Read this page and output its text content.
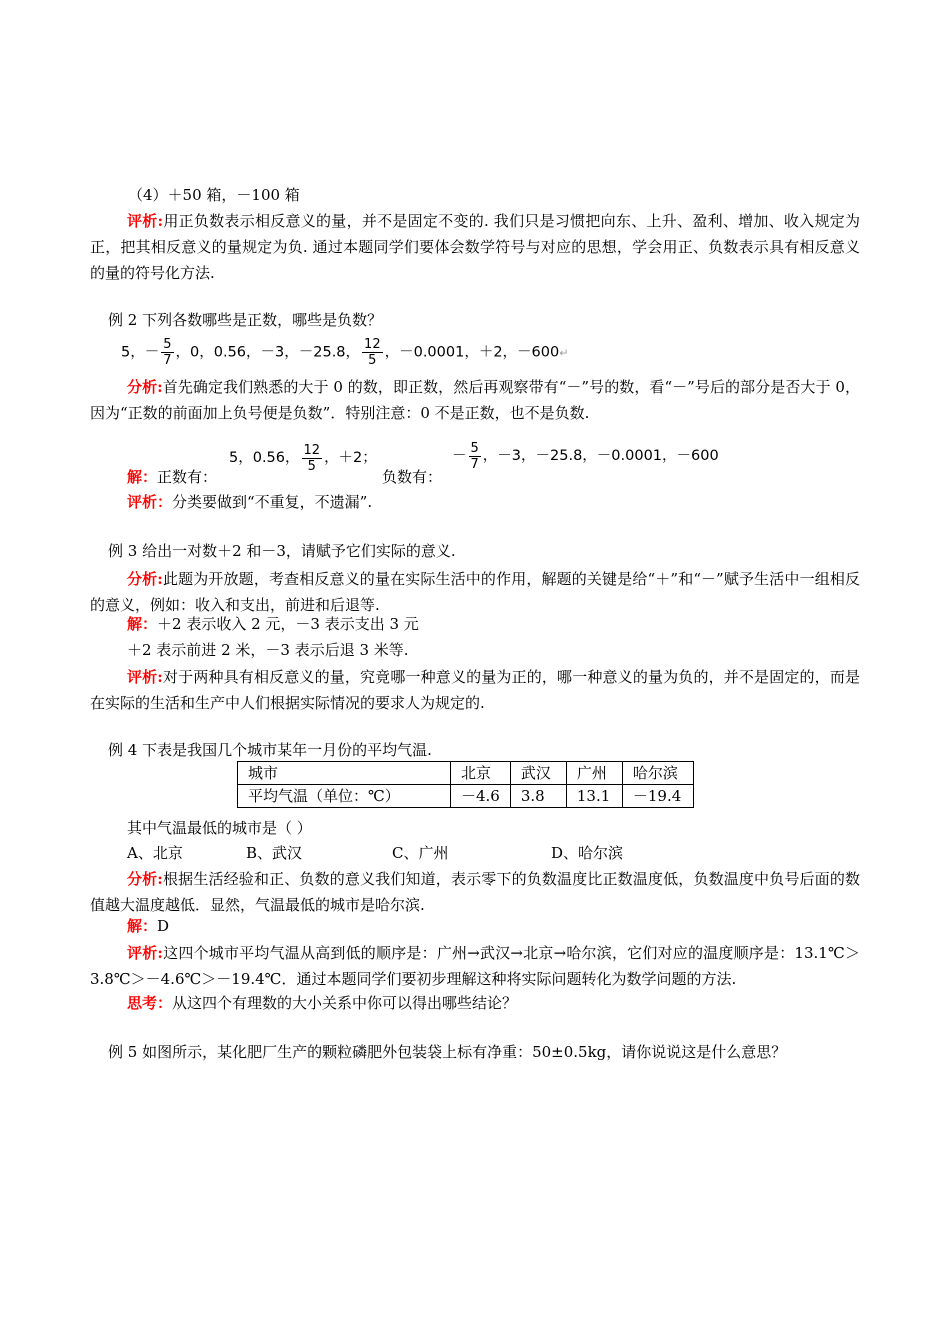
（4）＋50 箱，－100 箱
评析:用正负数表示相反意义的量，并不是固定不变的. 我们只是习惯把向东、上升、盈利、增加、收入规定为正，把其相反意义的量规定为负. 通过本题同学们要体会数学符号与对应的思想，学会用正、负数表示具有相反意义的量的符号化方法.
例 2 下列各数哪些是正数，哪些是负数？
5，－ $\frac{5}{7}$ ，0，0.56，－3，－25.8， $\frac{12}{5}$ ，－0.0001，＋2，－600↵
分析:首先确定我们熟悉的大于 0 的数，即正数，然后再观察带有“－”号的数，看“－”号后的部分是否大于 0，因为“正数的前面加上负号便是负数”．特别注意：0 不是正数，也不是负数.
解：正数有：
5，0.56， $\frac{12}{5}$ ，＋2；
负数有：
－ $\frac{5}{7}$ ，－3，－25.8，－0.0001，－600
评析：分类要做到“不重复，不遗漏”.
例 3 给出一对数＋2 和－3，请赋予它们实际的意义.
分析:此题为开放题，考查相反意义的量在实际生活中的作用，解题的关键是给“＋”和“－”赋予生活中一组相反的意义，例如：收入和支出，前进和后退等.
解：＋2 表示收入 2 元，－3 表示支出 3 元
＋2 表示前进 2 米，－3 表示后退 3 米等.
评析:对于两种具有相反意义的量，究竟哪一种意义的量为正的，哪一种意义的量为负的，并不是固定的，而是在实际的生活和生产中人们根据实际情况的要求人为规定的.
例 4 下表是我国几个城市某年一月份的平均气温.
城市	北京	武汉	广州	哈尔滨
平均气温（单位：℃）	－4.6	3.8	13.1	－19.4
其中气温最低的城市是（ ）
A、北京	B、武汉	C、广州	D、哈尔滨
分析:根据生活经验和正、负数的意义我们知道，表示零下的负数温度比正数温度低，负数温度中负号后面的数值越大温度越低．显然，气温最低的城市是哈尔滨.
解：D
评析:这四个城市平均气温从高到低的顺序是：广州→武汉→北京→哈尔滨，它们对应的温度顺序是：13.1℃＞3.8℃＞－4.6℃＞－19.4℃．通过本题同学们要初步理解这种将实际问题转化为数学问题的方法.
思考：从这四个有理数的大小关系中你可以得出哪些结论？
例 5 如图所示，某化肥厂生产的颗粒磷肥外包装袋上标有净重：50±0.5kg，请你说说这是什么意思？
